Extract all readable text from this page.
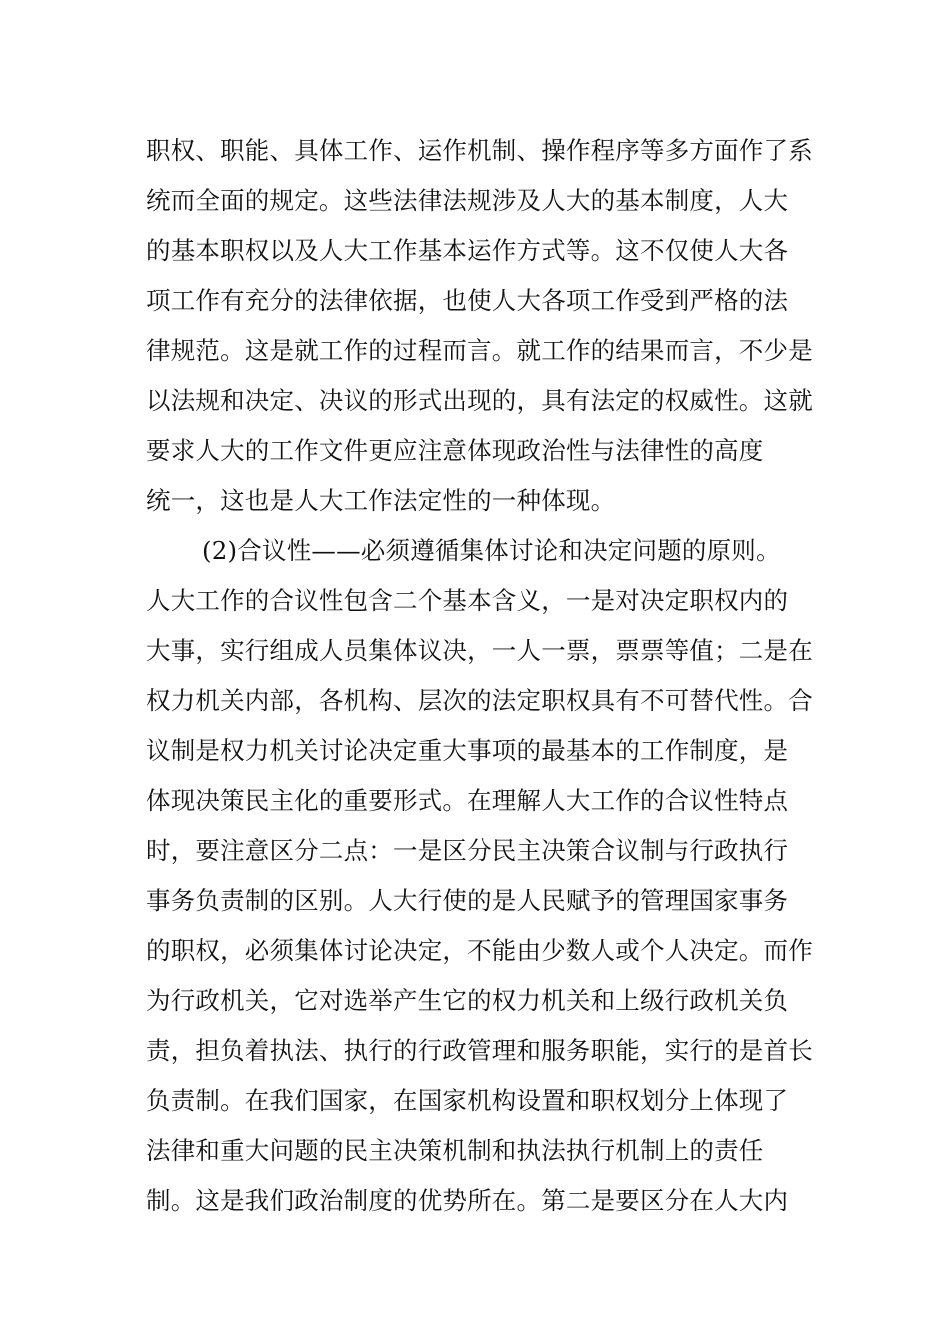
职权、职能、具体工作、运作机制、操作程序等多方面作了系
统而全面的规定。这些法律法规涉及人大的基本制度，人大
的基本职权以及人大工作基本运作方式等。这不仅使人大各
项工作有充分的法律依据，也使人大各项工作受到严格的法
律规范。这是就工作的过程而言。就工作的结果而言，不少是
以法规和决定、决议的形式出现的，具有法定的权威性。这就
要求人大的工作文件更应注意体现政治性与法律性的高度
统一，这也是人大工作法定性的一种体现。
(2)合议性——必须遵循集体讨论和决定问题的原则。
人大工作的合议性包含二个基本含义，一是对决定职权内的
大事，实行组成人员集体议决，一人一票，票票等值；二是在
权力机关内部，各机构、层次的法定职权具有不可替代性。合
议制是权力机关讨论决定重大事项的最基本的工作制度，是
体现决策民主化的重要形式。在理解人大工作的合议性特点
时，要注意区分二点：一是区分民主决策合议制与行政执行
事务负责制的区别。人大行使的是人民赋予的管理国家事务
的职权，必须集体讨论决定，不能由少数人或个人决定。而作
为行政机关，它对选举产生它的权力机关和上级行政机关负
责，担负着执法、执行的行政管理和服务职能，实行的是首长
负责制。在我们国家，在国家机构设置和职权划分上体现了
法律和重大问题的民主决策机制和执法执行机制上的责任
制。这是我们政治制度的优势所在。第二是要区分在人大内
